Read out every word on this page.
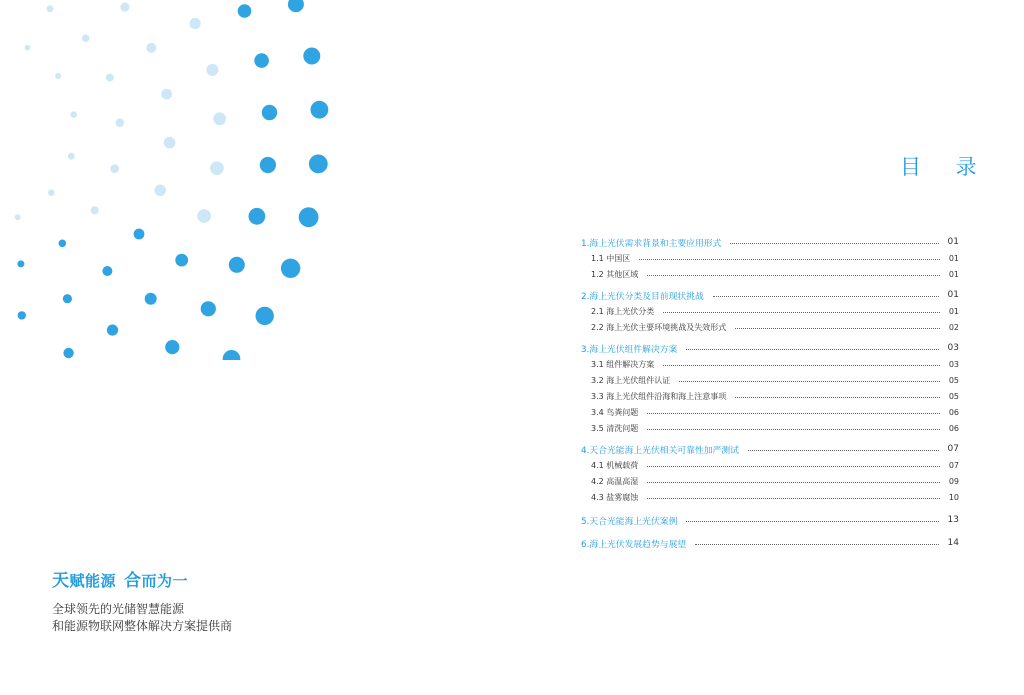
天赋能源 合而为一
全球领先的光储智慧能源
和能源物联网整体解决方案提供商
目 录
1.海上光伏需求背景和主要应用形式	01
1.1 中国区	01
1.2 其他区域	01
2.海上光伏分类及目前现状挑战	01
2.1 海上光伏分类	01
2.2 海上光伏主要环境挑战及失效形式	02
3.海上光伏组件解决方案	03
3.1 组件解决方案	03
3.2 海上光伏组件认证	05
3.3 海上光伏组件沿海和海上注意事项	05
3.4 鸟粪问题	06
3.5 清洗问题	06
4.天合光能海上光伏相关可靠性加严测试	07
4.1 机械载荷	07
4.2 高温高湿	09
4.3 盐雾腐蚀	10
5.天合光能海上光伏案例	13
6.海上光伏发展趋势与展望	14
